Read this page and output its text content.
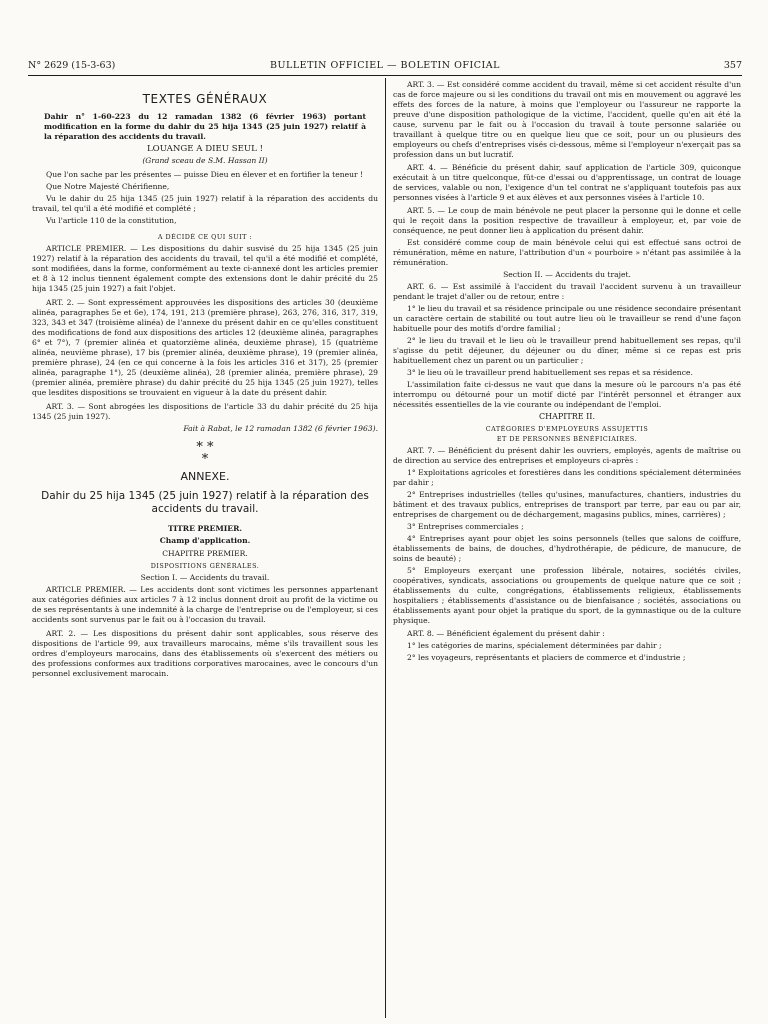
N° 2629 (15-3-63)	BULLETIN OFFICIEL — BOLETIN OFICIAL	357
TEXTES GÉNÉRAUX

Dahir n° 1-60-223 du 12 ramadan 1382 (6 février 1963) portant modification en la forme du dahir du 25 hija 1345 (25 juin 1927) relatif à la réparation des accidents du travail.

LOUANGE A DIEU SEUL !

(Grand sceau de S.M. Hassan II)

Que l'on sache par les présentes — puisse Dieu en élever et en fortifier la teneur !

Que Notre Majesté Chérifienne,

Vu le dahir du 25 hija 1345 (25 juin 1927) relatif à la réparation des accidents du travail, tel qu'il a été modifié et complété ;

Vu l'article 110 de la constitution,

A DÉCIDÉ CE QUI SUIT :

ARTICLE PREMIER. — Les dispositions du dahir susvisé du 25 hija 1345 (25 juin 1927) relatif à la réparation des accidents du travail, tel qu'il a été modifié et complété, sont modifiées, dans la forme, conformément au texte ci-annexé dont les articles premier et 8 à 12 inclus tiennent également compte des extensions dont le dahir précité du 25 hija 1345 (25 juin 1927) a fait l'objet.

ART. 2. — Sont expressément approuvées les dispositions des articles 30 (deuxième alinéa, paragraphes 5e et 6e), 174, 191, 213 (première phrase), 263, 276, 316, 317, 319, 323, 343 et 347 (troisième alinéa) de l'annexe du présent dahir en ce qu'elles constituent des modifications de fond aux dispositions des articles 12 (deuxième alinéa, paragraphes 6° et 7°), 7 (premier alinéa et quatorzième alinéa, deuxième phrase), 15 (quatrième alinéa, neuvième phrase), 17 bis (premier alinéa, deuxième phrase), 19 (premier alinéa, première phrase), 24 (en ce qui concerne à la fois les articles 316 et 317), 25 (premier alinéa, paragraphe 1°), 25 (deuxième alinéa), 28 (premier alinéa, première phrase), 29 (premier alinéa, première phrase) du dahir précité du 25 hija 1345 (25 juin 1927), telles que lesdites dispositions se trouvaient en vigueur à la date du présent dahir.

ART. 3. — Sont abrogées les dispositions de l'article 33 du dahir précité du 25 hija 1345 (25 juin 1927).

Fait à Rabat, le 12 ramadan 1382 (6 février 1963).

* *
*
ANNEXE.
Dahir du 25 hija 1345 (25 juin 1927) relatif à la réparation des accidents du travail.

TITRE PREMIER.

Champ d'application.

CHAPITRE PREMIER.

DISPOSITIONS GÉNÉRALES.

Section I. — Accidents du travail.

ARTICLE PREMIER. — Les accidents dont sont victimes les personnes appartenant aux catégories définies aux articles 7 à 12 inclus donnent droit au profit de la victime ou de ses représentants à une indemnité à la charge de l'entreprise ou de l'employeur, si ces accidents sont survenus par le fait ou à l'occasion du travail.

ART. 2. — Les dispositions du présent dahir sont applicables, sous réserve des dispositions de l'article 99, aux travailleurs marocains, même s'ils travaillent sous les ordres d'employeurs marocains, dans des établissements où s'exercent des métiers ou des professions conformes aux traditions corporatives marocaines, avec le concours d'un personnel exclusivement marocain.

ART. 3. — Est considéré comme accident du travail, même si cet accident résulte d'un cas de force majeure ou si les conditions du travail ont mis en mouvement ou aggravé les effets des forces de la nature, à moins que l'employeur ou l'assureur ne rapporte la preuve d'une disposition pathologique de la victime, l'accident, quelle qu'en ait été la cause, survenu par le fait ou à l'occasion du travail à toute personne salariée ou travaillant à quelque titre ou en quelque lieu que ce soit, pour un ou plusieurs des employeurs ou chefs d'entreprises visés ci-dessous, même si l'employeur n'exerçait pas sa profession dans un but lucratif.

ART. 4. — Bénéficie du présent dahir, sauf application de l'article 309, quiconque exécutait à un titre quelconque, fût-ce d'essai ou d'apprentissage, un contrat de louage de services, valable ou non, l'exigence d'un tel contrat ne s'appliquant toutefois pas aux personnes visées à l'article 9 et aux élèves et aux personnes visées à l'article 10.

ART. 5. — Le coup de main bénévole ne peut placer la personne qui le donne et celle qui le reçoit dans la position respective de travailleur à employeur, et, par voie de conséquence, ne peut donner lieu à application du présent dahir.

Est considéré comme coup de main bénévole celui qui est effectué sans octroi de rémunération, même en nature, l'attribution d'un « pourboire » n'étant pas assimilée à la rémunération.

Section II. — Accidents du trajet.

ART. 6. — Est assimilé à l'accident du travail l'accident survenu à un travailleur pendant le trajet d'aller ou de retour, entre :

1° le lieu du travail et sa résidence principale ou une résidence secondaire présentant un caractère certain de stabilité ou tout autre lieu où le travailleur se rend d'une façon habituelle pour des motifs d'ordre familial ;

2° le lieu du travail et le lieu où le travailleur prend habituellement ses repas, qu'il s'agisse du petit déjeuner, du déjeuner ou du dîner, même si ce repas est pris habituellement chez un parent ou un particulier ;

3° le lieu où le travailleur prend habituellement ses repas et sa résidence.

L'assimilation faite ci-dessus ne vaut que dans la mesure où le parcours n'a pas été interrompu ou détourné pour un motif dicté par l'intérêt personnel et étranger aux nécessités essentielles de la vie courante ou indépendant de l'emploi.

CHAPITRE II.

CATÉGORIES D'EMPLOYEURS ASSUJETTIS
ET DE PERSONNES BÉNÉFICIAIRES.

ART. 7. — Bénéficient du présent dahir les ouvriers, employés, agents de maîtrise ou de direction au service des entreprises et employeurs ci-après :

1° Exploitations agricoles et forestières dans les conditions spécialement déterminées par dahir ;

2° Entreprises industrielles (telles qu'usines, manufactures, chantiers, industries du bâtiment et des travaux publics, entreprises de transport par terre, par eau ou par air, entreprises de chargement ou de déchargement, magasins publics, mines, carrières) ;

3° Entreprises commerciales ;

4° Entreprises ayant pour objet les soins personnels (telles que salons de coiffure, établissements de bains, de douches, d'hydrothérapie, de pédicure, de manucure, de soins de beauté) ;

5° Employeurs exerçant une profession libérale, notaires, sociétés civiles, coopératives, syndicats, associations ou groupements de quelque nature que ce soit ; établissements du culte, congrégations, établissements religieux, établissements hospitaliers ; établissements d'assistance ou de bienfaisance ; sociétés, associations ou établissements ayant pour objet la pratique du sport, de la gymnastique ou de la culture physique.

ART. 8. — Bénéficient également du présent dahir :

1° les catégories de marins, spécialement déterminées par dahir ;

2° les voyageurs, représentants et placiers de commerce et d'industrie ;
